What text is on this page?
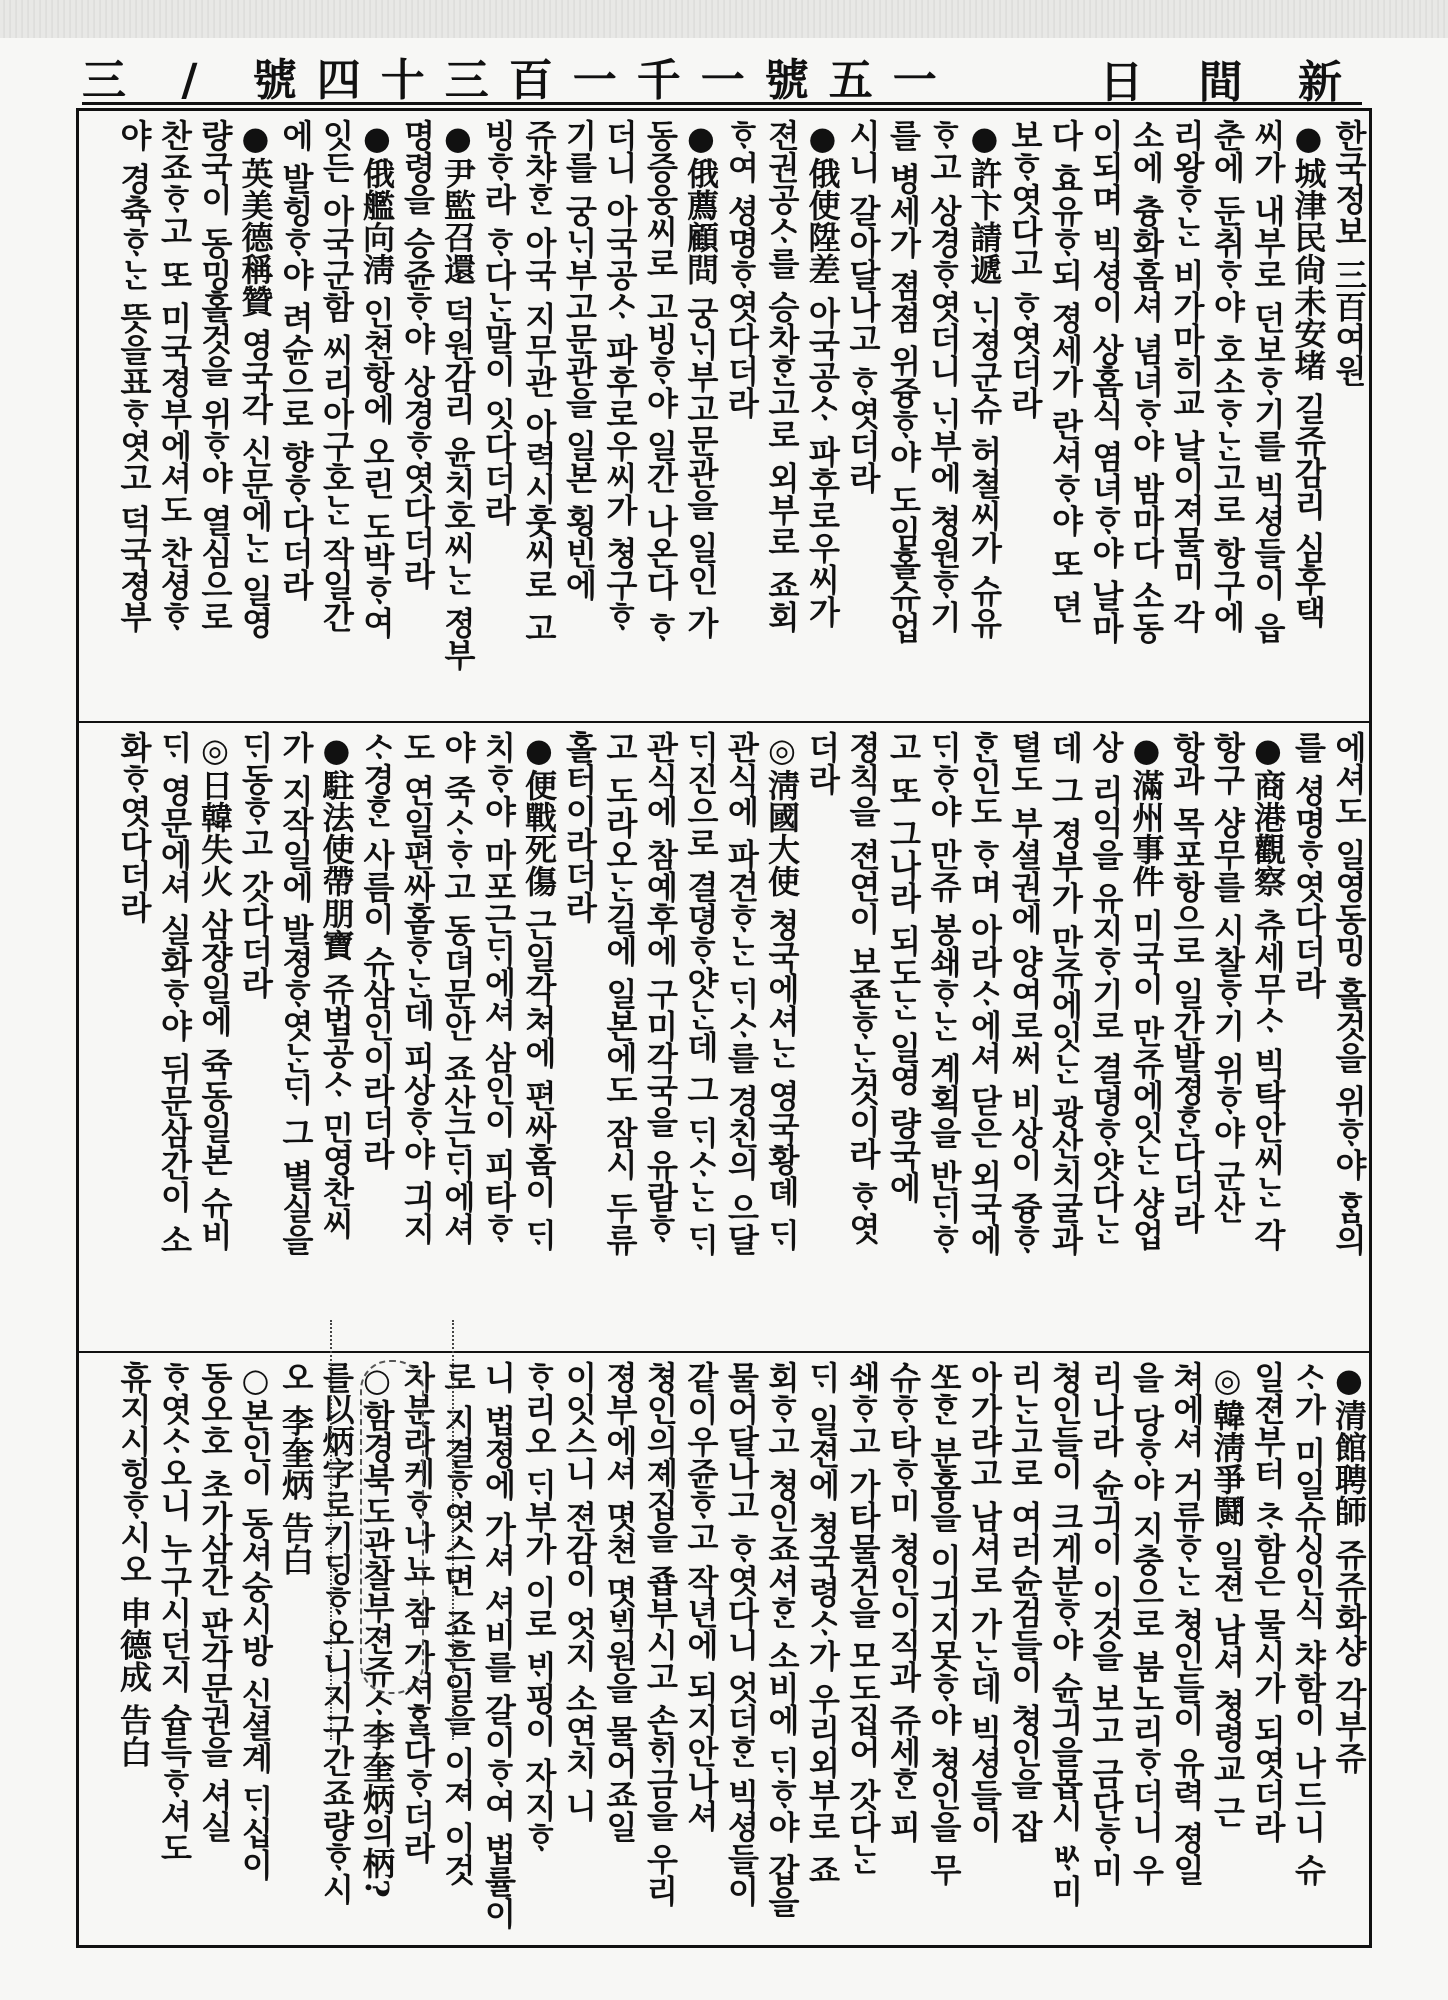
三 / 號四十三百一千一號五一	日 間 新
한국정보 三百여원
●城津民尙未安堵 길쥬감리 심후택
씨가 내부로 던보ᄒᆞ기를 빅셩들이 읍
춘에 둔취ᄒᆞ야 호소ᄒᆞᄂᆞᆫ고로 항구에
리왕ᄒᆞᄂᆞᆫ 비가마히교 날이져물미 각
소에 츙화홈셔 념녀ᄒᆞ야 밤마다 소동
이되며 빅셩이 상홈식 염녀ᄒᆞ야 날마
다 효유ᄒᆞ되 졍세가 란셔ᄒᆞ야 또 뎐
보ᄒᆞ엿다고 ᄒᆞ엿더라
●許卞請遞 ᄂᆡ졍군슈 허쳘씨가 슈유
ᄒᆞ고 상경ᄒᆞ엿더니 ᄂᆡ부에 쳥원ᄒᆞ기
를 병세가 졈졈 위즁ᄒᆞ야 도임홀슈업
시니 갈아달나고 ᄒᆞ엿더라
●俄使陞差 아국공ᄉᆞ 파후로우씨가
젼권공ᄉᆞ를 승차ᄒᆞᆫ고로 외부로 죠회
ᄒᆞ여 셩명ᄒᆞ엿다더라
●俄薦顧問 궁ᄂᆡ부고문관을 일인 가
동증웅씨로 고빙ᄒᆞ야 일간 나온다 ᄒᆞ
더니 아국공ᄉᆞ 파후로우씨가 쳥구ᄒᆞ
기를 궁ᄂᆡ부고문관을 일본 횡빈에
쥬챠ᄒᆞᆫ 아국 지무관 아력시훗씨로 고
빙ᄒᆞ라 ᄒᆞ다ᄂᆞᆫ말이 잇다더라
●尹監召還 덕원감리 윤치호씨ᄂᆞᆫ 졍부
명령을 승쥰ᄒᆞ야 상경ᄒᆞ엿다더라
●俄艦向淸 인쳔항에 오린 도박ᄒᆞ여
잇든 아국군함 씨리아구호ᄂᆞᆫ 작일간
에 발힝ᄒᆞ야 려슌으로 향ᄒᆞ다더라
●英美德稱贊 영국각 신문에ᄂᆞᆫ 일영
량국이 동밍홀것을 위ᄒᆞ야 열심으로
찬죠ᄒᆞ고 또 미국졍부에셔도 찬셩ᄒᆞ
야 경츅ᄒᆞᄂᆞᆫ 뜻을표ᄒᆞ엿고 덕국졍부
에셔도 일영동밍 홀것을 위ᄒᆞ야 ᄒᆞᆷ의
를 셩명ᄒᆞ엿다더라
●商港觀察 츄세무ᄉᆞ 빅탁안씨ᄂᆞᆫ 각
항구 샹무를 시찰ᄒᆞ기 위ᄒᆞ야 군산
항과 목포항으로 일간발졍ᄒᆞᆫ다더라
●滿州事件 미국이 만쥬에잇ᄂᆞᆫ 샹업
상 리익을 유지ᄒᆞ기로 결뎡ᄒᆞ얏다ᄂᆞᆫ
데 그 졍부가 만쥬에잇ᄂᆞᆫ 광산치굴과
텰도 부셜권에 양여로써 비상이 즁ᄒᆞ
ᄒᆞᆫ인도 ᄒᆞ며 아라ᄉᆞ에셔 닫은 외국에
ᄃᆡᄒᆞ야 만쥬 봉쇄ᄒᆞᄂᆞᆫ 계획을 반ᄃᆡᄒᆞ
고 또 그나라 되도ᄂᆞᆫ 일영 량국에
졍칙을 젼연이 보죤ᄒᆞᄂᆞᆫ것이라 ᄒᆞ엿
더라
◎淸國大使 쳥국에셔ᄂᆞᆫ 영국황뎨 ᄃᆡ
관식에 파견ᄒᆞᄂᆞᆫ ᄃᆡᄉᆞ를 경친의 으달
ᄃᆡ진으로 결뎡ᄒᆞ얏ᄂᆞᆫ데 그 ᄃᆡᄉᆞᄂᆞᆫ ᄃᆡ
관식에 참예후에 구미각국을 유람ᄒᆞ
고 도라오ᄂᆞᆫ길에 일본에도 잠시 두류
홀터이라더라
●便戰死傷 근일각쳐에 편싸홈이 ᄃᆡ
치ᄒᆞ야 마포근ᄃᆡ에셔 삼인이 피타ᄒᆞ
야 죽ᄉᆞᄒᆞ고 동뎌문안 죠산근ᄃᆡ에셔
도 연일편싸홈ᄒᆞᄂᆞᆫ데 피상ᄒᆞ야 긔지
ᄉᆞ경ᄒᆞᆫ 사름이 슈삼인이라더라
●駐法使帶朋寶 쥬법공ᄉᆞ 민영찬씨
가 지작일에 발졍ᄒᆞ엿ᄂᆞᆫᄃᆡ 그 별실을
ᄃᆡ동ᄒᆞ고 갓다더라
◎日韓失火 삼쟝일에 쥭동일본 슈비
ᄃᆡ 영문에셔 실화ᄒᆞ야 뒤문삼간이 소
화ᄒᆞ엿다더라
●清館聘師 쥬쥬화샹 각부쥬
ᄉᆞ가 미일슈싱인식 챠함이 나드니 슈
일젼부터 ᄎᆞ함은 물시가 되엿더라
◎韓淸爭鬪 일젼 남셔 쳥령교 근
쳐에셔 거류ᄒᆞᄂᆞᆫ 쳥인들이 유력 졍일
을 당ᄒᆞ야 지충으로 붐노리ᄒᆞ더니 우
리나라 슌긔이 이것을 보고 금단ᄒᆞ미
쳥인들이 크게분ᄒᆞ야 슌긔을몹시 ᄡᆞ미
리ᄂᆞᆫ고로 여러슌검들이 쳥인을 잡
아가랴고 남셔로 가ᄂᆞᆫ데 빅셩들이
ᄯᅩᄒᆞᆫ 분홈을 이긔지못ᄒᆞ야 쳥인을 무
슈ᄒᆞ타ᄒᆞ미 쳥인이직과 쥬세ᄒᆞᆫ 피
쇄ᄒᆞ고 가타물건을 모도집어 갓다ᄂᆞᆫ
ᄃᆡ 일젼에 쳥국령ᄉᆞ가 우리외부로 죠
회ᄒᆞ고 쳥인죠셔ᄒᆞᆫ 소비에 ᄃᆡᄒᆞ야 갑을
물어달나고 ᄒᆞ엿다니 엇더ᄒᆞᆫ 빅셩들이
같이우쥰ᄒᆞ고 작년에 되지안나셔
쳥인의졔집을 죱부시고 손ᄒᆡ금을 우리
졍부에셔 몃쳔 몃ᄇᆡᆨ원을 물어죠일
이잇스니 젼감이 엇지 소연치 니
ᄒᆞ리오 ᄃᆡ부가 이로 ᄇᆡ핑이 자지ᄒᆞ
니 법졍에 가셔 셔비를 갈이ᄒᆞ여 법률이
로 지결ᄒᆞ엿스면 죠흔일을 이져 이것
차분라케ᄒᆞ나뇨 참 가셔ᄒᆞᆯ다ᄒᆞ더라
○함경북도관찰부젼쥬ᄉᆞ李奎炳의柄?
를以炳字로기ᄃᆡᆼᄒᆞ오니지구간죠량ᄒᆞ시
오 李奎炳 告白
○본인이 동셔숭시방 신셜계 ᄃᆡ십이
동오호 초가삼간 판각문권을 셔실
ᄒᆞ엿ᄉᆞ오니 누구시던지 슙득ᄒᆞ셔도
휴지시힝ᄒᆞ시오 申德成 告白
